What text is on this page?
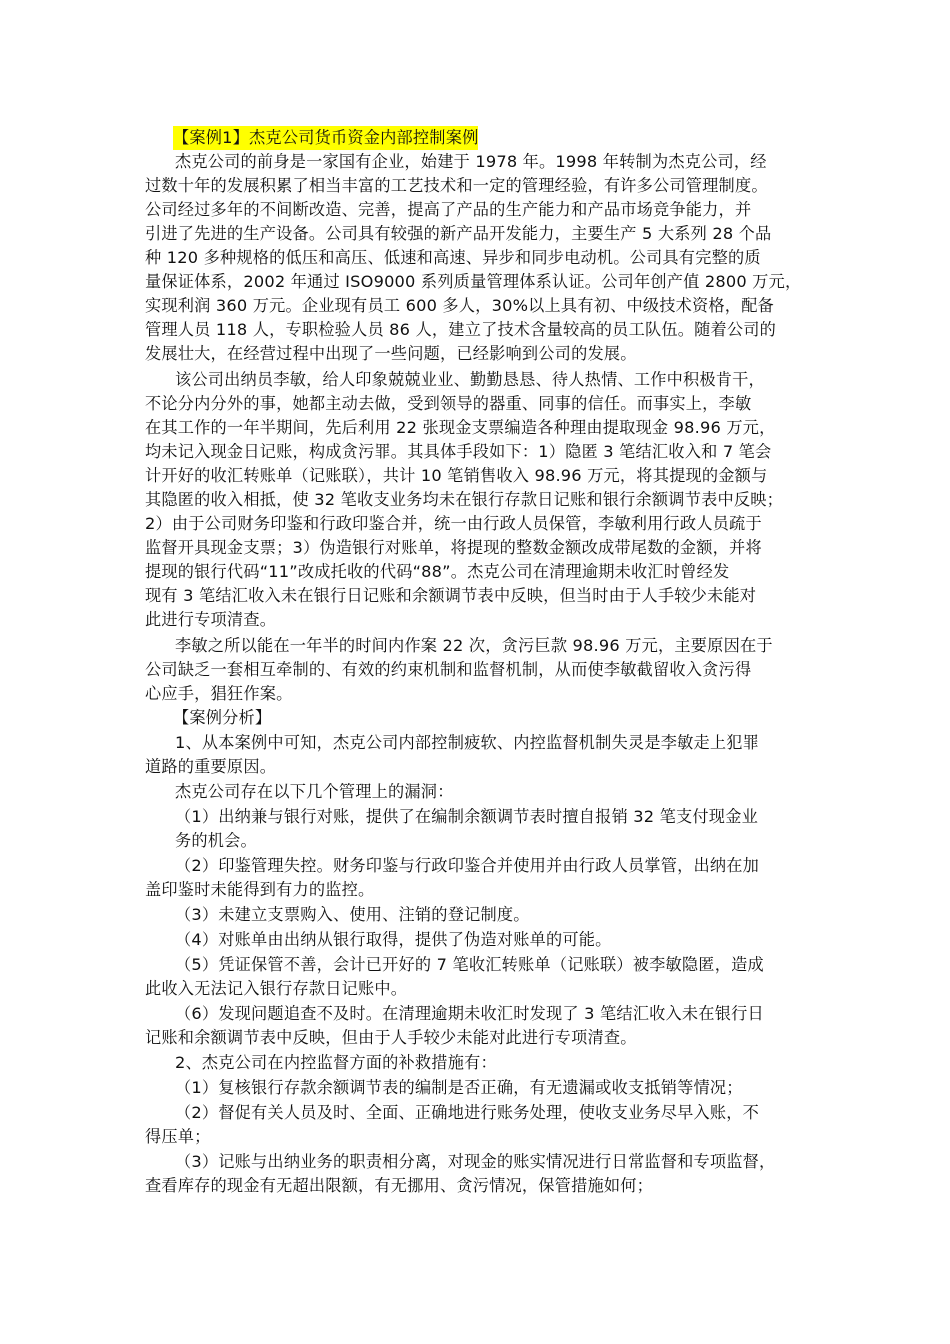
【案例1】杰克公司货币资金内部控制案例
杰克公司的前身是一家国有企业，始建于 1978 年。1998 年转制为杰克公司，经
过数十年的发展积累了相当丰富的工艺技术和一定的管理经验，有许多公司管理制度。
公司经过多年的不间断改造、完善，提高了产品的生产能力和产品市场竞争能力，并
引进了先进的生产设备。公司具有较强的新产品开发能力，主要生产 5 大系列 28 个品
种 120 多种规格的低压和高压、低速和高速、异步和同步电动机。公司具有完整的质
量保证体系，2002 年通过 ISO9000 系列质量管理体系认证。公司年创产值 2800 万元，
实现利润 360 万元。企业现有员工 600 多人，30%以上具有初、中级技术资格，配备
管理人员 118 人，专职检验人员 86 人，建立了技术含量较高的员工队伍。随着公司的
发展壮大，在经营过程中出现了一些问题，已经影响到公司的发展。
该公司出纳员李敏，给人印象兢兢业业、勤勤恳恳、待人热情、工作中积极肯干，
不论分内分外的事，她都主动去做，受到领导的器重、同事的信任。而事实上，李敏
在其工作的一年半期间，先后利用 22 张现金支票编造各种理由提取现金 98.96 万元，
均未记入现金日记账，构成贪污罪。其具体手段如下：1）隐匿 3 笔结汇收入和 7 笔会
计开好的收汇转账单（记账联），共计 10 笔销售收入 98.96 万元，将其提现的金额与
其隐匿的收入相抵，使 32 笔收支业务均未在银行存款日记账和银行余额调节表中反映；
2）由于公司财务印鉴和行政印鉴合并，统一由行政人员保管，李敏利用行政人员疏于
监督开具现金支票；3）伪造银行对账单，将提现的整数金额改成带尾数的金额，并将
提现的银行代码“11”改成托收的代码“88”。杰克公司在清理逾期未收汇时曾经发
现有 3 笔结汇收入未在银行日记账和余额调节表中反映，但当时由于人手较少未能对
此进行专项清查。
李敏之所以能在一年半的时间内作案 22 次，贪污巨款 98.96 万元，主要原因在于
公司缺乏一套相互牵制的、有效的约束机制和监督机制，从而使李敏截留收入贪污得
心应手，猖狂作案。
【案例分析】
1、从本案例中可知，杰克公司内部控制疲软、内控监督机制失灵是李敏走上犯罪
道路的重要原因。
杰克公司存在以下几个管理上的漏洞：
（1）出纳兼与银行对账，提供了在编制余额调节表时擅自报销 32 笔支付现金业
务的机会。
（2）印鉴管理失控。财务印鉴与行政印鉴合并使用并由行政人员掌管，出纳在加
盖印鉴时未能得到有力的监控。
（3）未建立支票购入、使用、注销的登记制度。
（4）对账单由出纳从银行取得，提供了伪造对账单的可能。
（5）凭证保管不善，会计已开好的 7 笔收汇转账单（记账联）被李敏隐匿，造成
此收入无法记入银行存款日记账中。
（6）发现问题追查不及时。在清理逾期未收汇时发现了 3 笔结汇收入未在银行日
记账和余额调节表中反映，但由于人手较少未能对此进行专项清查。
2、杰克公司在内控监督方面的补救措施有：
（1）复核银行存款余额调节表的编制是否正确，有无遗漏或收支抵销等情况；
（2）督促有关人员及时、全面、正确地进行账务处理，使收支业务尽早入账，不
得压单；
（3）记账与出纳业务的职责相分离，对现金的账实情况进行日常监督和专项监督，
查看库存的现金有无超出限额，有无挪用、贪污情况，保管措施如何；
